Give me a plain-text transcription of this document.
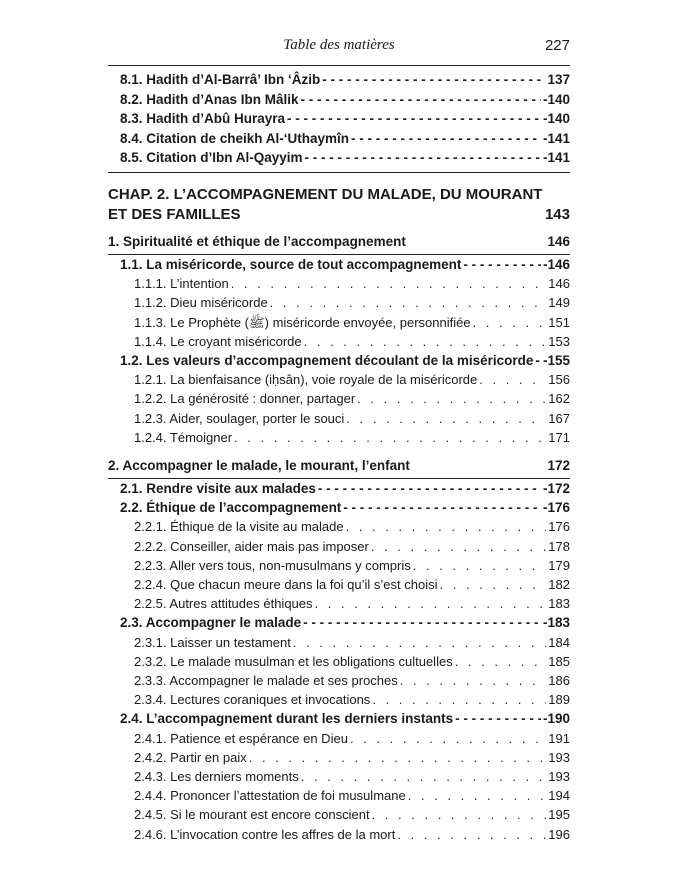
Table des matières	227
8.1. Hadith d’Al-Barrâ’ Ibn ‘Âzib - - -	137
8.2. Hadith d’Anas Ibn Mâlik - - -	-140
8.3. Hadith d’Abû Hurayra - - -	-140
8.4. Citation de cheikh Al-‘Uthaymîn - - -	-141
8.5. Citation d’Ibn Al-Qayyim - - -	-141
CHAP. 2. L’ACCOMPAGNEMENT DU MALADE, DU MOURANT
ET DES FAMILLES	143
1. Spiritualité et éthique de l’accompagnement	146
1.1. La miséricorde, source de tout accompagnement - - -	-146
1.1.1. L’intention . . .	146
1.1.2. Dieu miséricorde . . .	149
1.1.3. Le Prophète (ﷺ) miséricorde envoyée, personnifiée . . .	151
1.1.4. Le croyant miséricorde . . .	153
1.2. Les valeurs d’accompagnement découlant de la miséricorde - - - -155
1.2.1. La bienfaisance (iḥsân), voie royale de la miséricorde . . .	156
1.2.2. La générosité : donner, partager . . .	162
1.2.3. Aider, soulager, porter le souci . . .	167
1.2.4. Témoigner . . .	171
2. Accompagner le malade, le mourant, l’enfant	172
2.1. Rendre visite aux malades - - -	-172
2.2. Éthique de l’accompagnement - - -	-176
2.2.1. Éthique de la visite au malade . . .	176
2.2.2. Conseiller, aider mais pas imposer . . .	178
2.2.3. Aller vers tous, non-musulmans y compris . . .	179
2.2.4. Que chacun meure dans la foi qu’il s’est choisi . . .	182
2.2.5. Autres attitudes éthiques . . .	183
2.3. Accompagner le malade - - -	-183
2.3.1. Laisser un testament . . .	184
2.3.2. Le malade musulman et les obligations cultuelles . . .	185
2.3.3. Accompagner le malade et ses proches . . .	186
2.3.4. Lectures coraniques et invocations . . .	189
2.4. L’accompagnement durant les derniers instants - - -	-190
2.4.1. Patience et espérance en Dieu . . .	191
2.4.2. Partir en paix . . .	193
2.4.3. Les derniers moments . . .	193
2.4.4. Prononcer l’attestation de foi musulmane . . .	194
2.4.5. Si le mourant est encore conscient . . .	195
2.4.6. L’invocation contre les affres de la mort . . .	196
